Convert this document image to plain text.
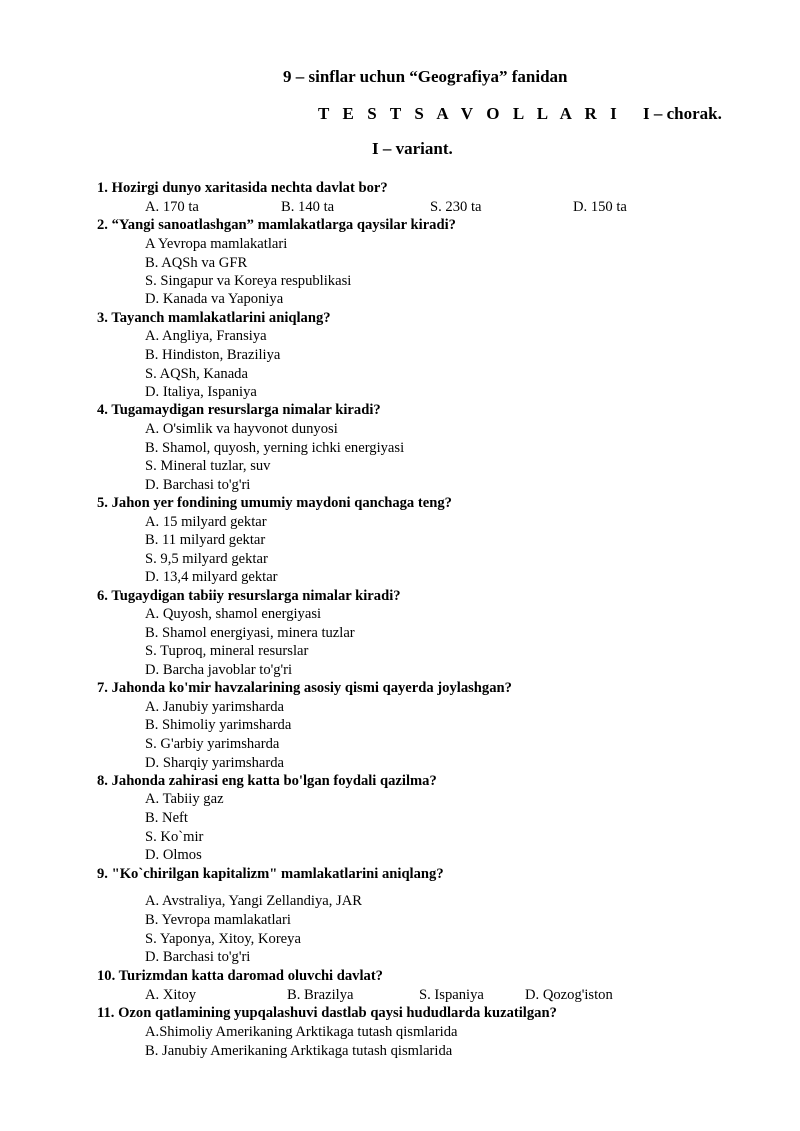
9 – sinflar uchun “Geografiya” fanidan
T E S T S A V O L L A R I I – chorak.
I – variant.
1. Hozirgi dunyo xaritasida nechta davlat bor?
A. 170 ta	B. 140 ta	S. 230 ta	D. 150 ta
2. “Yangi sanoatlashgan” mamlakatlarga qaysilar kiradi?
A Yevropa mamlakatlari
B. AQSh va GFR
S. Singapur va Koreya respublikasi
D. Kanada va Yaponiya
3. Tayanch mamlakatlarini aniqlang?
A. Angliya, Fransiya
B. Hindiston, Braziliya
S. AQSh, Kanada
D. Italiya, Ispaniya
4. Tugamaydigan resurslarga nimalar kiradi?
A. O'simlik va hayvonot dunyosi
B. Shamol, quyosh, yerning ichki energiyasi
S. Mineral tuzlar, suv
D. Barchasi to'g'ri
5. Jahon yer fondining umumiy maydoni qanchaga teng?
A. 15 milyard gektar
B. 11 milyard gektar
S. 9,5 milyard gektar
D. 13,4 milyard gektar
6. Tugaydigan tabiiy resurslarga nimalar kiradi?
A. Quyosh, shamol energiyasi
B. Shamol energiyasi, minera tuzlar
S. Tuproq, mineral resurslar
D. Barcha javoblar to'g'ri
7. Jahonda ko'mir havzalarining asosiy qismi qayerda joylashgan?
A. Janubiy yarimsharda
B. Shimoliy yarimsharda
S. G'arbiy yarimsharda
D. Sharqiy yarimsharda
8. Jahonda zahirasi eng katta bo'lgan foydali qazilma?
A. Tabiiy gaz
B. Neft
S. Ko`mir
D. Olmos
9. "Ko`chirilgan kapitalizm" mamlakatlarini aniqlang?
A. Avstraliya, Yangi Zellandiya, JAR
B. Yevropa mamlakatlari
S. Yaponya, Xitoy, Koreya
D. Barchasi to'g'ri
10. Turizmdan katta daromad oluvchi davlat?
A. Xitoy	B. Brazilya	S. Ispaniya	D. Qozog'iston
11. Ozon qatlamining yupqalashuvi dastlab qaysi hududlarda kuzatilgan?
A.Shimoliy Amerikaning Arktikaga tutash qismlarida
B. Janubiy Amerikaning Arktikaga tutash qismlarida
